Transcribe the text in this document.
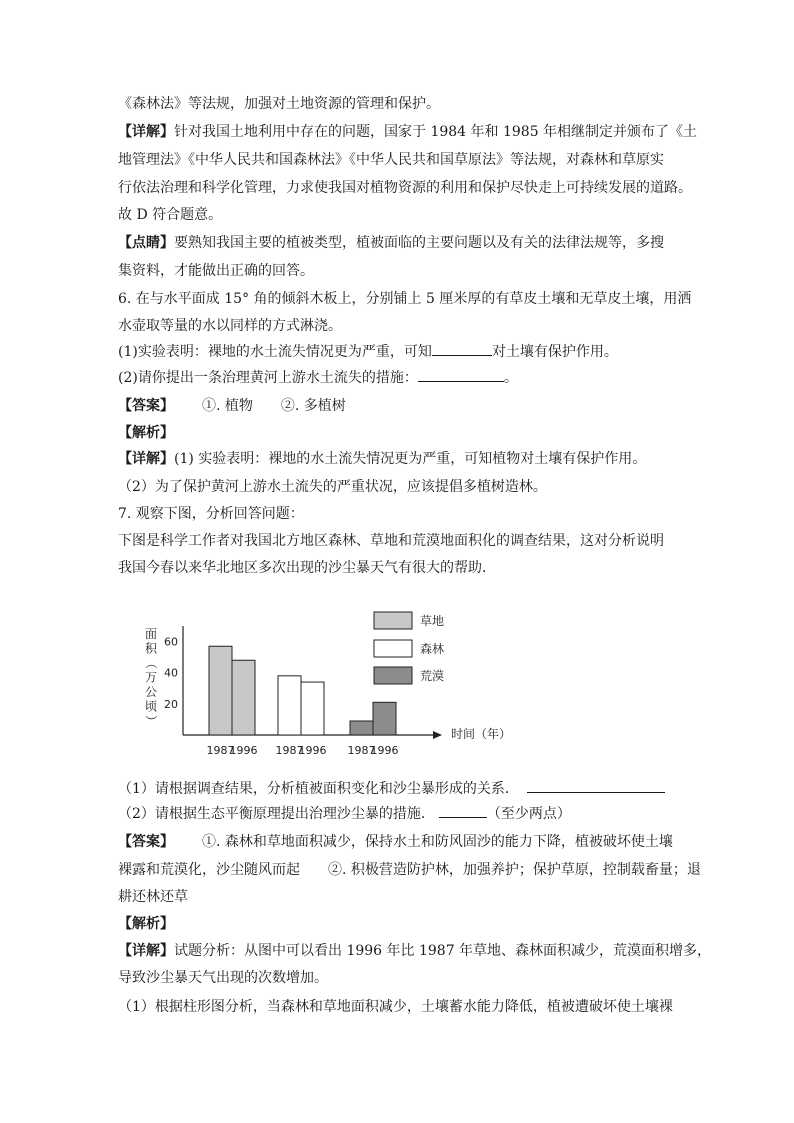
《森林法》等法规，加强对土地资源的管理和保护。
【详解】针对我国土地利用中存在的问题，国家于 1984 年和 1985 年相继制定并颁布了《土
地管理法》《中华人民共和国森林法》《中华人民共和国草原法》等法规，对森林和草原实
行依法治理和科学化管理，力求使我国对植物资源的利用和保护尽快走上可持续发展的道路。
故 D 符合题意。
【点睛】要熟知我国主要的植被类型，植被面临的主要问题以及有关的法律法规等，多搜
集资料，才能做出正确的回答。
6. 在与水平面成 15° 角的倾斜木板上，分别铺上 5 厘米厚的有草皮土壤和无草皮土壤，用洒
水壶取等量的水以同样的方式淋浇。
(1)实验表明：裸地的水土流失情况更为严重，可知	对土壤有保护作用。
(2)请你提出一条治理黄河上游水土流失的措施：	。
【答案】 ①. 植物　　②. 多植树
【解析】
【详解】(1) 实验表明：裸地的水土流失情况更为严重，可知植物对土壤有保护作用。
（2）为了保护黄河上游水土流失的严重状况，应该提倡多植树造林。
7. 观察下图，分析回答问题：
下图是科学工作者对我国北方地区森林、草地和荒漠地面积化的调查结果，这对分析说明
我国今春以来华北地区多次出现的沙尘暴天气有很大的帮助．
（1）请根据调查结果，分析植被面积变化和沙尘暴形成的关系．
（2）请根据生态平衡原理提出治理沙尘暴的措施．	（至少两点）
【答案】 ①. 森林和草地面积减少，保持水土和防风固沙的能力下降，植被破坏使土壤
裸露和荒漠化，沙尘随风而起　　②. 积极营造防护林，加强养护；保护草原，控制载畜量；退
耕还林还草
【解析】
【详解】试题分析：从图中可以看出 1996 年比 1987 年草地、森林面积减少，荒漠面积增多，
导致沙尘暴天气出现的次数增加。
（1）根据柱形图分析，当森林和草地面积减少，土壤蓄水能力降低，植被遭破坏使土壤裸
20
40
60
面
积
（
万
公
顷
）
1987
1996 1987
1996 1987
1996
时间（年）
草地
森林
荒漠
